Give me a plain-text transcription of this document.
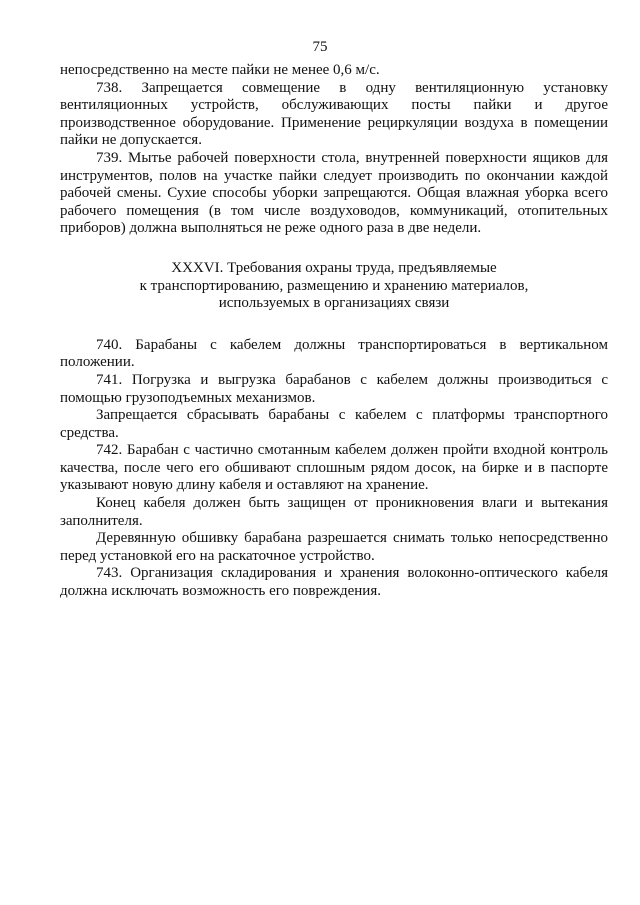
75

непосредственно на месте пайки не менее 0,6 м/с.

738. Запрещается совмещение в одну вентиляционную установку вентиляционных устройств, обслуживающих посты пайки и другое производственное оборудование. Применение рециркуляции воздуха в помещении пайки не допускается.

739. Мытье рабочей поверхности стола, внутренней поверхности ящиков для инструментов, полов на участке пайки следует производить по окончании каждой рабочей смены. Сухие способы уборки запрещаются. Общая влажная уборка всего рабочего помещения (в том числе воздуховодов, коммуникаций, отопительных приборов) должна выполняться не реже одного раза в две недели.

XXXVI. Требования охраны труда, предъявляемые
к транспортированию, размещению и хранению материалов,
используемых в организациях связи

740. Барабаны с кабелем должны транспортироваться в вертикальном положении.

741. Погрузка и выгрузка барабанов с кабелем должны производиться с помощью грузоподъемных механизмов.

Запрещается сбрасывать барабаны с кабелем с платформы транспортного средства.

742. Барабан с частично смотанным кабелем должен пройти входной контроль качества, после чего его обшивают сплошным рядом досок, на бирке и в паспорте указывают новую длину кабеля и оставляют на хранение.

Конец кабеля должен быть защищен от проникновения влаги и вытекания заполнителя.

Деревянную обшивку барабана разрешается снимать только непосредственно перед установкой его на раскаточное устройство.

743. Организация складирования и хранения волоконно-оптического кабеля должна исключать возможность его повреждения.
